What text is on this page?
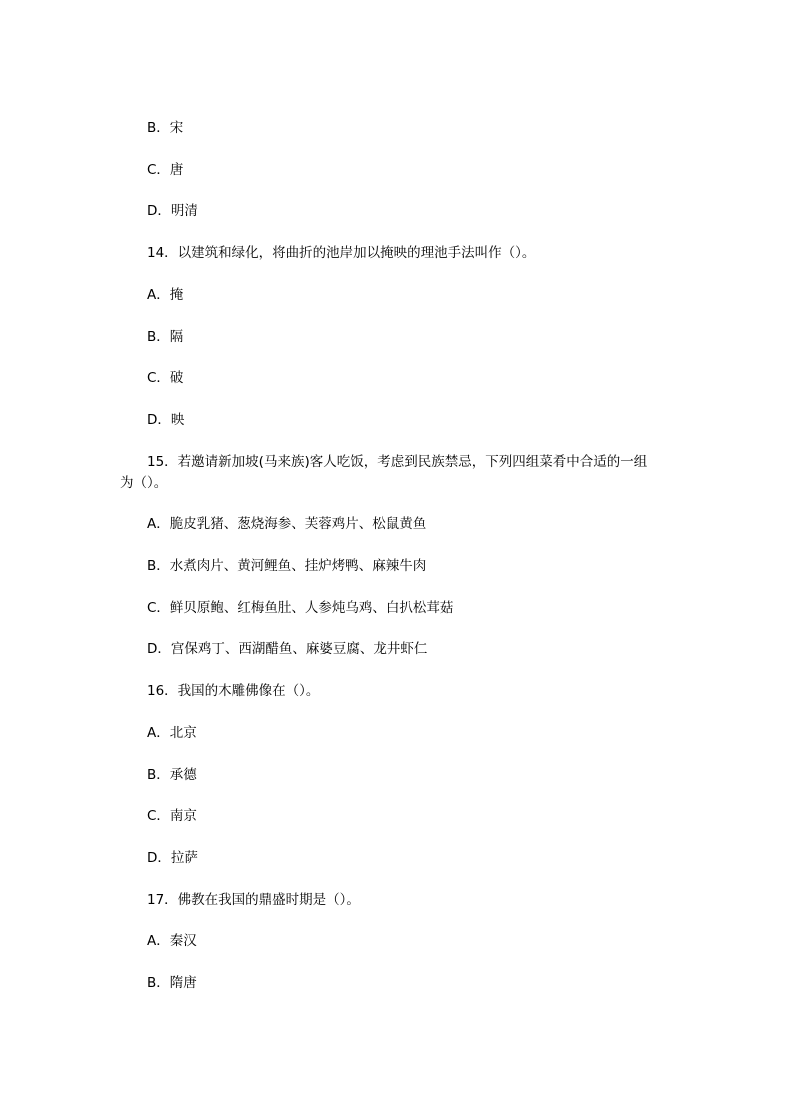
B．宋
C．唐
D．明清
14．以建筑和绿化，将曲折的池岸加以掩映的理池手法叫作（）。
A．掩
B．隔
C．破
D．映
15．若邀请新加坡(马来族)客人吃饭，考虑到民族禁忌，下列四组菜肴中合适的一组
为（）。
A．脆皮乳猪、葱烧海参、芙蓉鸡片、松鼠黄鱼
B．水煮肉片、黄河鲤鱼、挂炉烤鸭、麻辣牛肉
C．鲜贝原鲍、红梅鱼肚、人参炖乌鸡、白扒松茸菇
D．宫保鸡丁、西湖醋鱼、麻婆豆腐、龙井虾仁
16．我国的木雕佛像在（）。
A．北京
B．承德
C．南京
D．拉萨
17．佛教在我国的鼎盛时期是（）。
A．秦汉
B．隋唐
